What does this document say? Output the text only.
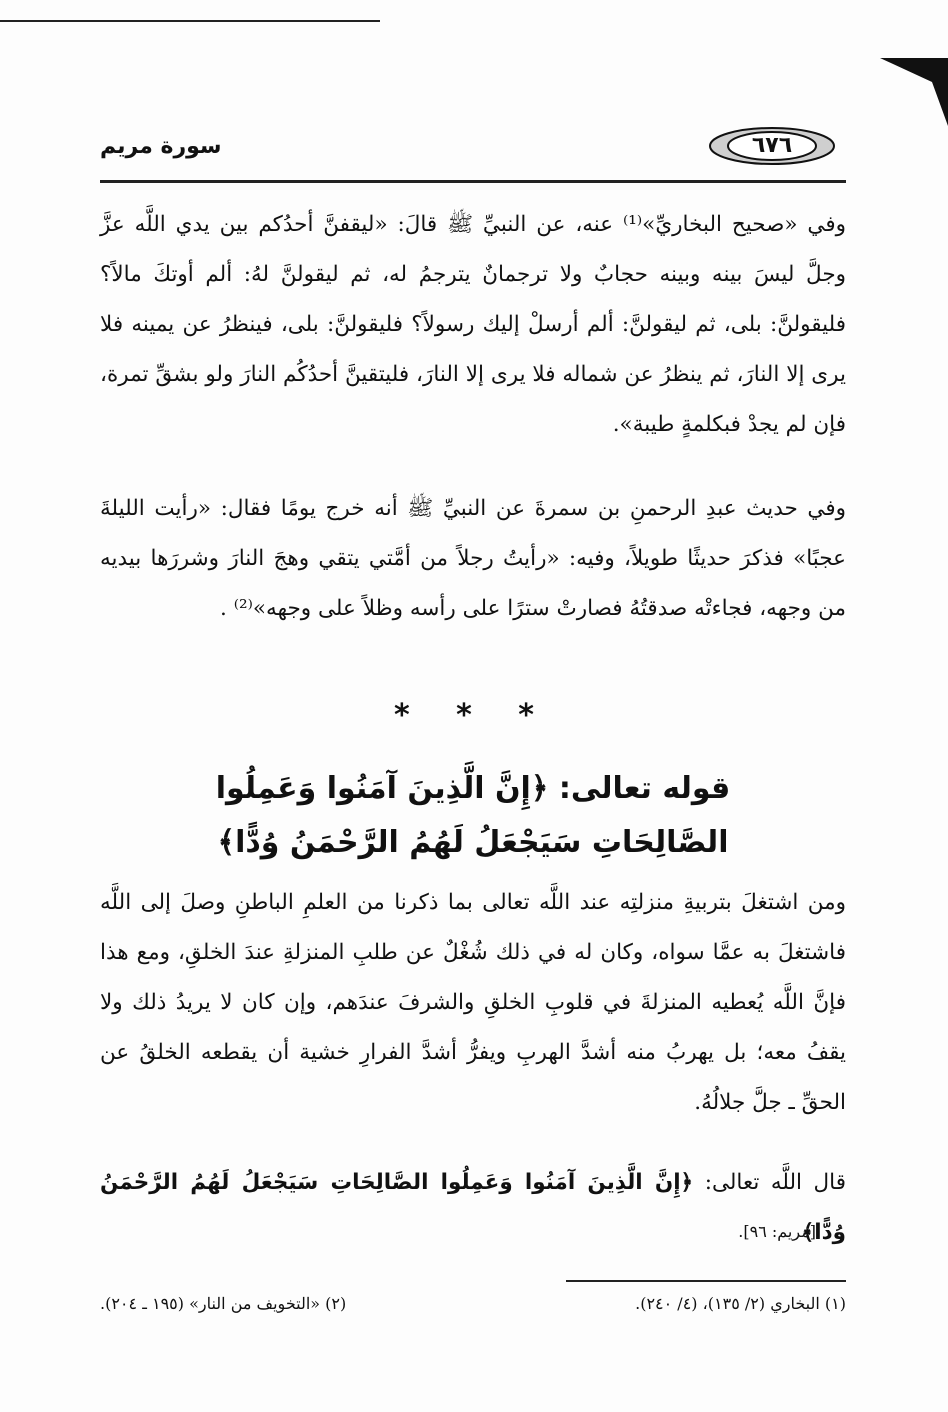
٦٧٦
سورة مريم
وفي «صحيح البخاريِّ»⁽¹⁾ عنه، عن النبيِّ ﷺ قالَ: «ليقفنَّ أحدُكم بين يدي اللَّه عزَّ وجلَّ ليسَ بينه وبينه حجابٌ ولا ترجمانٌ يترجمُ له، ثم ليقولنَّ لهُ: ألم أوتكَ مالاً؟ فليقولنَّ: بلى، ثم ليقولنَّ: ألم أرسلْ إليك رسولاً؟ فليقولنَّ: بلى، فينظرُ عن يمينه فلا يرى إلا النارَ، ثم ينظرُ عن شماله فلا يرى إلا النارَ، فليتقينَّ أحدُكُم النارَ ولو بشقِّ تمرة، فإن لم يجدْ فبكلمةٍ طيبة».
وفي حديث عبدِ الرحمنِ بن سمرةَ عن النبيِّ ﷺ أنه خرج يومًا فقال: «رأيت الليلةَ عجبًا» فذكرَ حديثًا طويلاً، وفيه: «رأيتُ رجلاً من أمَّتي يتقي وهجَ النارَ وشررَها بيديه من وجهه، فجاءتْه صدقتُهُ فصارتْ سترًا على رأسه وظلاً على وجهه»⁽²⁾ .
* * *
قوله تعالى: ﴿إِنَّ الَّذِينَ آمَنُوا وَعَمِلُوا
الصَّالِحَاتِ سَيَجْعَلُ لَهُمُ الرَّحْمَنُ وُدًّا﴾
ومن اشتغلَ بتربيةِ منزلتِه عند اللَّه تعالى بما ذكرنا من العلمِ الباطنِ وصلَ إلى اللَّه فاشتغلَ به عمَّا سواه، وكان له في ذلك شُغْلٌ عن طلبِ المنزلةِ عندَ الخلقِ، ومع هذا فإنَّ اللَّه يُعطيه المنزلةَ في قلوبِ الخلقِ والشرفَ عندَهم، وإن كان لا يريدُ ذلك ولا يقفُ معه؛ بل يهربُ منه أشدَّ الهربِ ويفرُّ أشدَّ الفرارِ خشية أن يقطعه الخلقُ عن الحقِّ ـ جلَّ جلالُهُ.
قال اللَّه تعالى: ﴿إِنَّ الَّذِينَ آمَنُوا وَعَمِلُوا الصَّالِحَاتِ سَيَجْعَلُ لَهُمُ الرَّحْمَنُ وُدًّا﴾
[مريم: ٩٦].
(١) البخاري (٢/ ١٣٥)، (٤/ ٢٤٠).
(٢) «التخويف من النار» (١٩٥ ـ ٢٠٤).
